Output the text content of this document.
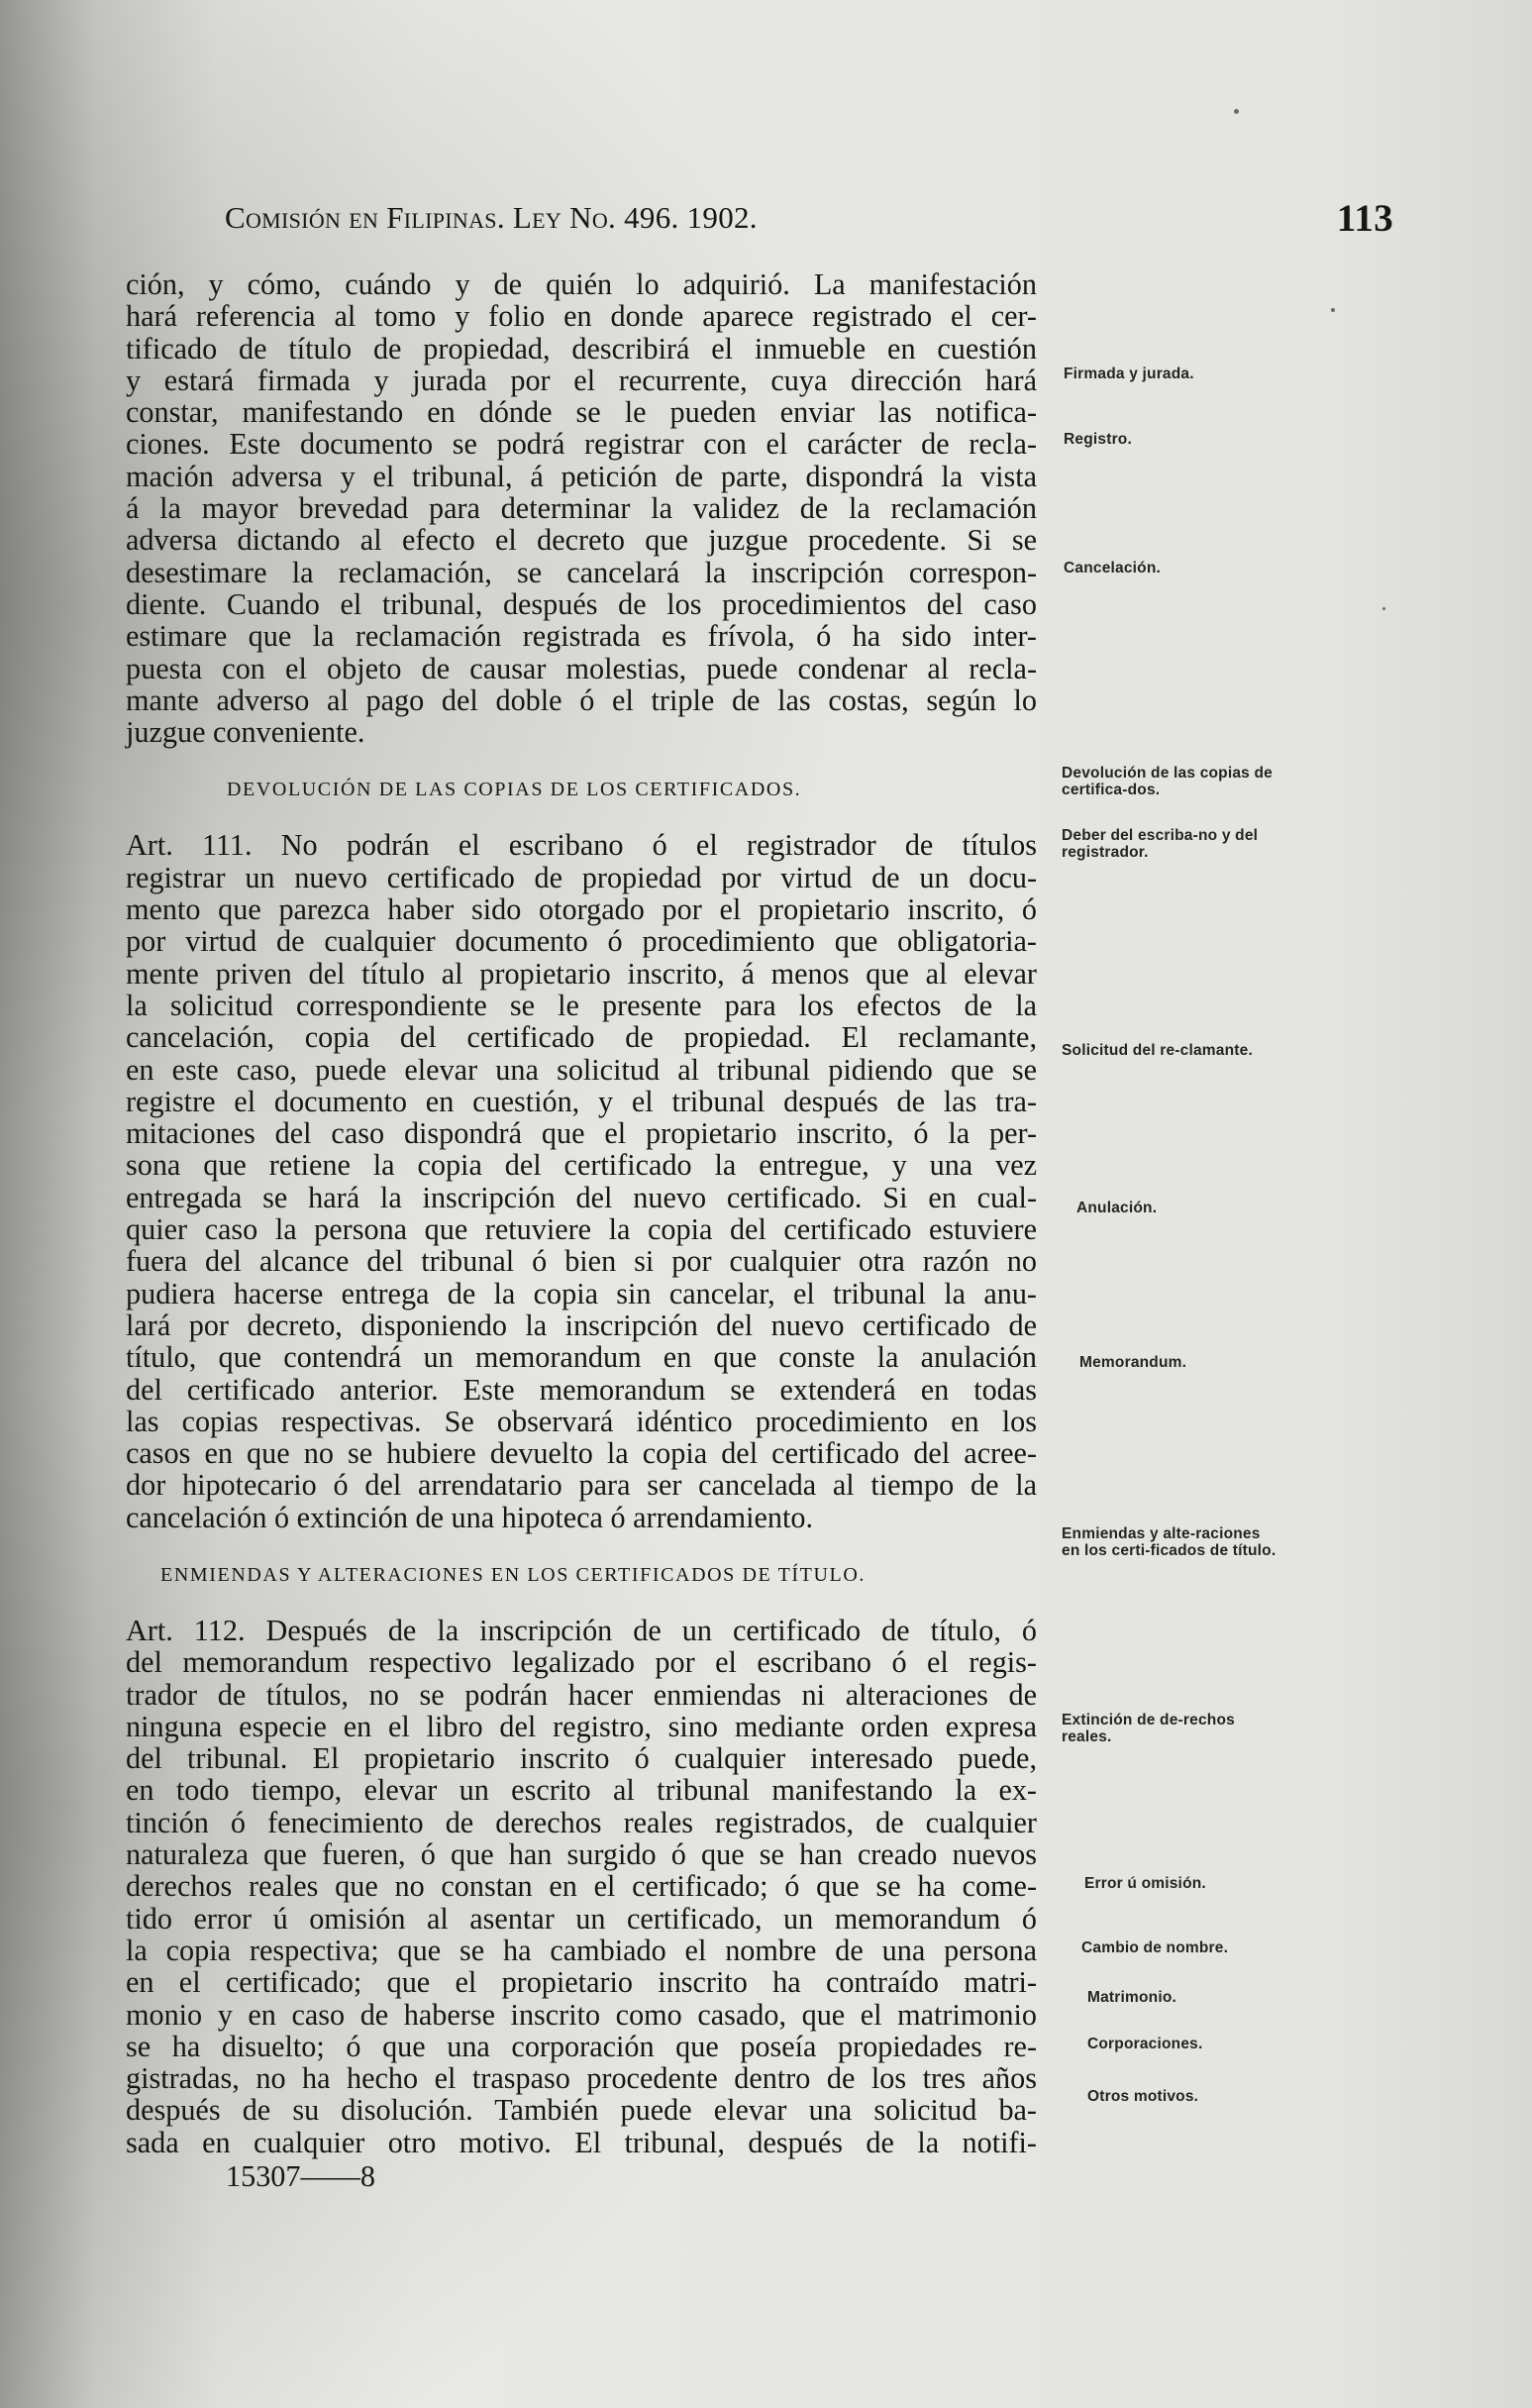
Comisión en Filipinas. Ley No. 496. 1902.	113
ción, y cómo, cuándo y de quién lo adquirió. La manifestación
hará referencia al tomo y folio en donde aparece registrado el cer-
tificado de título de propiedad, describirá el inmueble en cuestión
y estará firmada y jurada por el recurrente, cuya dirección hará
constar, manifestando en dónde se le pueden enviar las notifica-
ciones. Este documento se podrá registrar con el carácter de recla-
mación adversa y el tribunal, á petición de parte, dispondrá la vista
á la mayor brevedad para determinar la validez de la reclamación
adversa dictando al efecto el decreto que juzgue procedente. Si se
desestimare la reclamación, se cancelará la inscripción correspon-
diente. Cuando el tribunal, después de los procedimientos del caso
estimare que la reclamación registrada es frívola, ó ha sido inter-
puesta con el objeto de causar molestias, puede condenar al recla-
mante adverso al pago del doble ó el triple de las costas, según lo
juzgue conveniente.
DEVOLUCIÓN DE LAS COPIAS DE LOS CERTIFICADOS.
Art. 111. No podrán el escribano ó el registrador de títulos
registrar un nuevo certificado de propiedad por virtud de un docu-
mento que parezca haber sido otorgado por el propietario inscrito, ó
por virtud de cualquier documento ó procedimiento que obligatoria-
mente priven del título al propietario inscrito, á menos que al elevar
la solicitud correspondiente se le presente para los efectos de la
cancelación, copia del certificado de propiedad. El reclamante,
en este caso, puede elevar una solicitud al tribunal pidiendo que se
registre el documento en cuestión, y el tribunal después de las tra-
mitaciones del caso dispondrá que el propietario inscrito, ó la per-
sona que retiene la copia del certificado la entregue, y una vez
entregada se hará la inscripción del nuevo certificado. Si en cual-
quier caso la persona que retuviere la copia del certificado estuviere
fuera del alcance del tribunal ó bien si por cualquier otra razón no
pudiera hacerse entrega de la copia sin cancelar, el tribunal la anu-
lará por decreto, disponiendo la inscripción del nuevo certificado de
título, que contendrá un memorandum en que conste la anulación
del certificado anterior. Este memorandum se extenderá en todas
las copias respectivas. Se observará idéntico procedimiento en los
casos en que no se hubiere devuelto la copia del certificado del acree-
dor hipotecario ó del arrendatario para ser cancelada al tiempo de la
cancelación ó extinción de una hipoteca ó arrendamiento.
ENMIENDAS Y ALTERACIONES EN LOS CERTIFICADOS DE TÍTULO.
Art. 112. Después de la inscripción de un certificado de título, ó
del memorandum respectivo legalizado por el escribano ó el regis-
trador de títulos, no se podrán hacer enmiendas ni alteraciones de
ninguna especie en el libro del registro, sino mediante orden expresa
del tribunal. El propietario inscrito ó cualquier interesado puede,
en todo tiempo, elevar un escrito al tribunal manifestando la ex-
tinción ó fenecimiento de derechos reales registrados, de cualquier
naturaleza que fueren, ó que han surgido ó que se han creado nuevos
derechos reales que no constan en el certificado; ó que se ha come-
tido error ú omisión al asentar un certificado, un memorandum ó
la copia respectiva; que se ha cambiado el nombre de una persona
en el certificado; que el propietario inscrito ha contraído matri-
monio y en caso de haberse inscrito como casado, que el matrimonio
se ha disuelto; ó que una corporación que poseía propiedades re-
gistradas, no ha hecho el traspaso procedente dentro de los tres años
después de su disolución. También puede elevar una solicitud ba-
sada en cualquier otro motivo. El tribunal, después de la notifi-
15307——8
Firmada y jurada.
Registro.
Cancelación.
Devolución de las copias de certifica-dos.
Deber del escriba-no y del registrador.
Solicitud del re-clamante.
Anulación.
Memorandum.
Enmiendas y alte-raciones en los certi-ficados de título.
Extinción de de-rechos reales.
Error ú omisión.
Cambio de nombre.
Matrimonio.
Corporaciones.
Otros motivos.
